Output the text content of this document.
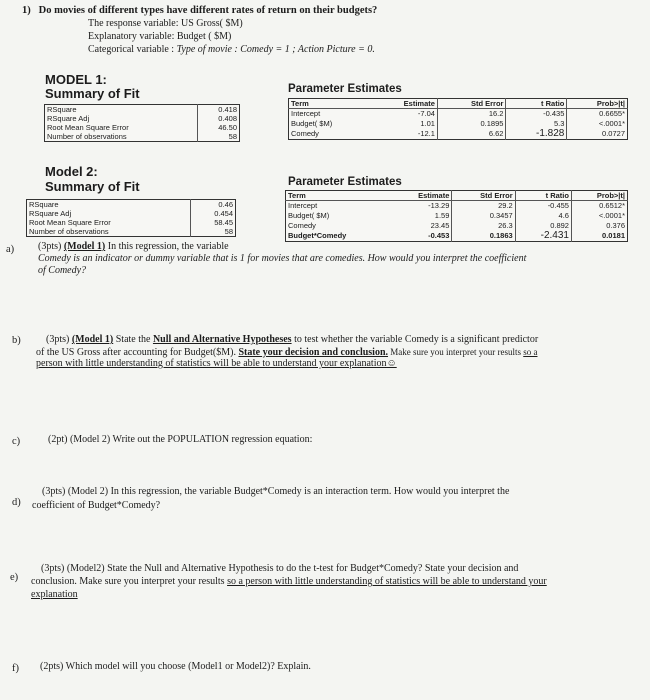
1) Do movies of different types have different rates of return on their budgets?
The response variable: US Gross( $M)
Explanatory variable: Budget ( $M)
Categorical variable : Type of movie : Comedy = 1 ; Action Picture = 0.
MODEL 1:
Summary of Fit
RSquare	0.418
RSquare Adj	0.408
Root Mean Square Error	46.50
Number of observations	58
Parameter Estimates
Term	Estimate	Std Error	t Ratio	Prob>|t|
Intercept	-7.04	16.2	-0.435	0.6655*
Budget( $M)	1.01	0.1895	5.3	<.0001*
Comedy	-12.1	6.62	-1.828	0.0727
Model 2:
Summary of Fit
RSquare	0.46
RSquare Adj	0.454
Root Mean Square Error	58.45
Number of observations	58
Parameter Estimates
Term	Estimate	Std Error	t Ratio	Prob>|t|
Intercept	-13.29	29.2	-0.455	0.6512*
Budget( $M)	1.59	0.3457	4.6	<.0001*
Comedy	23.45	26.3	0.892	0.376
Budget*Comedy	-0.453	0.1863	-2.431	0.0181
a) (3pts) (Model 1) In this regression, the variable
Comedy is an indicator or dummy variable that is 1 for movies that are comedies. How would you interpret the coefficient
of Comedy?
b)	(3pts) (Model 1) State the Null and Alternative Hypotheses to test whether the variable Comedy is a significant predictor
of the US Gross after accounting for Budget($M). State your decision and conclusion. Make sure you interpret your results so a
person with little understanding of statistics will be able to understand your explanation☺
c)	(2pt) (Model 2) Write out the POPULATION regression equation:
d)
(3pts) (Model 2) In this regression, the variable Budget*Comedy is an interaction term. How would you interpret the
coefficient of Budget*Comedy?
e)
(3pts) (Model2) State the Null and Alternative Hypothesis to do the t-test for Budget*Comedy? State your decision and
conclusion. Make sure you interpret your results so a person with little understanding of statistics will be able to understand your
explanation
f) (2pts) Which model will you choose (Model1 or Model2)? Explain.
